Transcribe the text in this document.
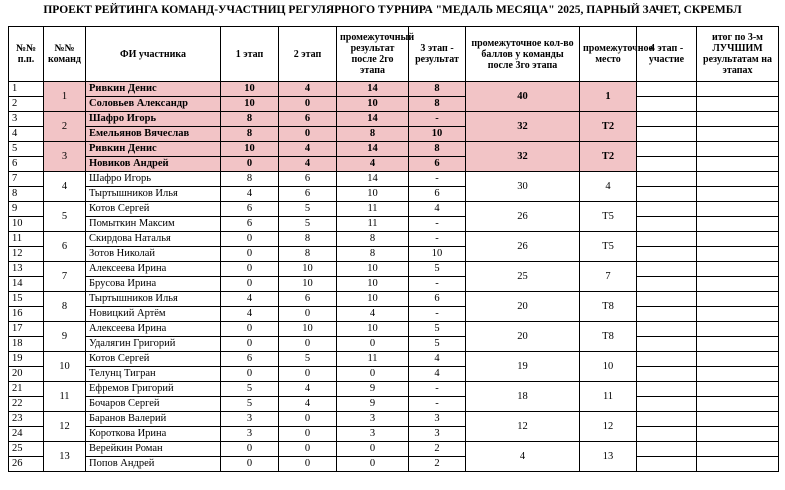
ПРОЕКТ РЕЙТИНГА КОМАНД-УЧАСТНИЦ РЕГУЛЯРНОГО ТУРНИРА "МЕДАЛЬ МЕСЯЦА" 2025, ПАРНЫЙ ЗАЧЕТ, СКРЕМБЛ
№№ п.п.	№№ команд	ФИ участника	1 этап	2 этап	промежуточный результат после 2го этапа	3 этап - результат	промежуточное кол-во баллов у команды после 3го этапа	промежуточное место	4 этап - участие	итог по 3-м ЛУЧШИМ результатам на этапах
1	1	Ривкин Денис	10	4	14	8	40	1		
2		Соловьев Александр	10	0	10	8				
3	2	Шафро Игорь	8	6	14	-	32	Т2		
4		Емельянов Вячеслав	8	0	8	10				
5	3	Ривкин Денис	10	4	14	8	32	Т2		
6		Новиков Андрей	0	4	4	6				
7	4	Шафро Игорь	8	6	14	-	30	4		
8		Тыртышников Илья	4	6	10	6				
9	5	Котов Сергей	6	5	11	4	26	Т5		
10		Помыткин Максим	6	5	11	-				
11	6	Скирдова Наталья	0	8	8	-	26	Т5		
12		Зотов Николай	0	8	8	10				
13	7	Алексеева Ирина	0	10	10	5	25	7		
14		Брусова Ирина	0	10	10	-				
15	8	Тыртышников Илья	4	6	10	6	20	Т8		
16		Новицкий Артём	4	0	4	-				
17	9	Алексеева Ирина	0	10	10	5	20	Т8		
18		Удалягин Григорий	0	0	0	5				
19	10	Котов Сергей	6	5	11	4	19	10		
20		Телунц Тигран	0	0	0	4				
21	11	Ефремов Григорий	5	4	9	-	18	11		
22		Бочаров Сергей	5	4	9	-				
23	12	Баранов Валерий	3	0	3	3	12	12		
24		Короткова Ирина	3	0	3	3				
25	13	Верейкин Роман	0	0	0	2	4	13		
26		Попов Андрей	0	0	0	2				
